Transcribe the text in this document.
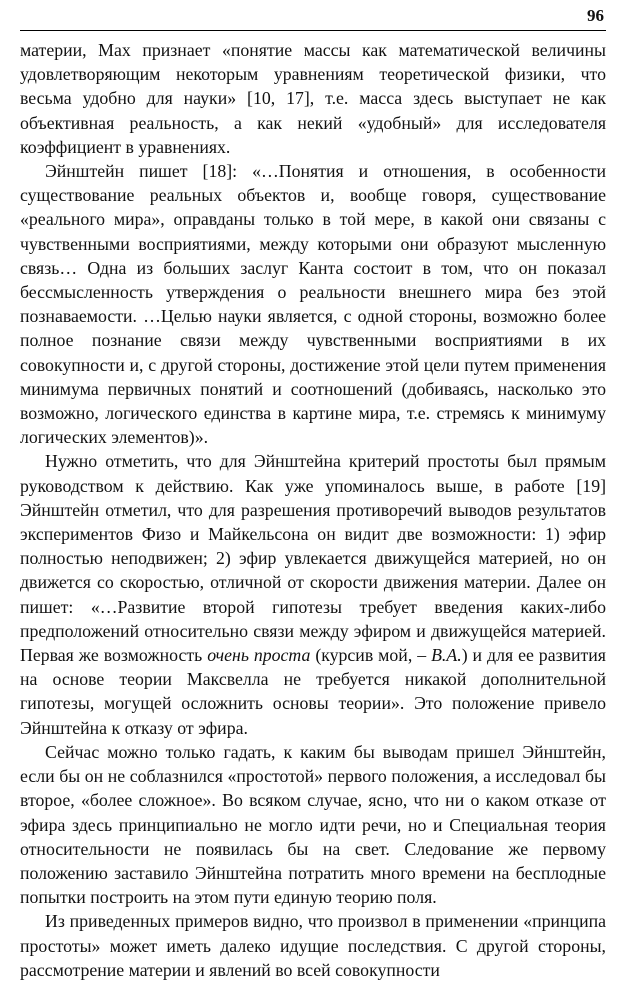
96

материи, Мах признает «понятие массы как математической величины удовлетворяющим некоторым уравнениям теоретической физики, что весьма удобно для науки» [10, 17], т.е. масса здесь выступает не как объективная реальность, а как некий «удобный» для исследователя коэффициент в уравнениях.

Эйнштейн пишет [18]: «…Понятия и отношения, в особенности существование реальных объектов и, вообще говоря, существование «реального мира», оправданы только в той мере, в какой они связаны с чувственными восприятиями, между которыми они образуют мысленную связь… Одна из больших заслуг Канта состоит в том, что он показал бессмысленность утверждения о реальности внешнего мира без этой познаваемости. …Целью науки является, с одной стороны, возможно более полное познание связи между чувственными восприятиями в их совокупности и, с другой стороны, достижение этой цели путем применения минимума первичных понятий и соотношений (добиваясь, насколько это возможно, логического единства в картине мира, т.е. стремясь к минимуму логических элементов)».

Нужно отметить, что для Эйнштейна критерий простоты был прямым руководством к действию. Как уже упоминалось выше, в работе [19] Эйнштейн отметил, что для разрешения противоречий выводов результатов экспериментов Физо и Майкельсона он видит две возможности: 1) эфир полностью неподвижен; 2) эфир увлекается движущейся материей, но он движется со скоростью, отличной от скорости движения материи. Далее он пишет: «…Развитие второй гипотезы требует введения каких-либо предположений относительно связи между эфиром и движущейся материей. Первая же возможность очень проста (курсив мой, – В.А.) и для ее развития на основе теории Максвелла не требуется никакой дополнительной гипотезы, могущей осложнить основы теории». Это положение привело Эйнштейна к отказу от эфира.

Сейчас можно только гадать, к каким бы выводам пришел Эйнштейн, если бы он не соблазнился «простотой» первого положения, а исследовал бы второе, «более сложное». Во всяком случае, ясно, что ни о каком отказе от эфира здесь принципиально не могло идти речи, но и Специальная теория относительности не появилась бы на свет. Следование же первому положению заставило Эйнштейна потратить много времени на бесплодные попытки построить на этом пути единую теорию поля.

Из приведенных примеров видно, что произвол в применении «принципа простоты» может иметь далеко идущие последствия. С другой стороны, рассмотрение материи и явлений во всей совокупности
